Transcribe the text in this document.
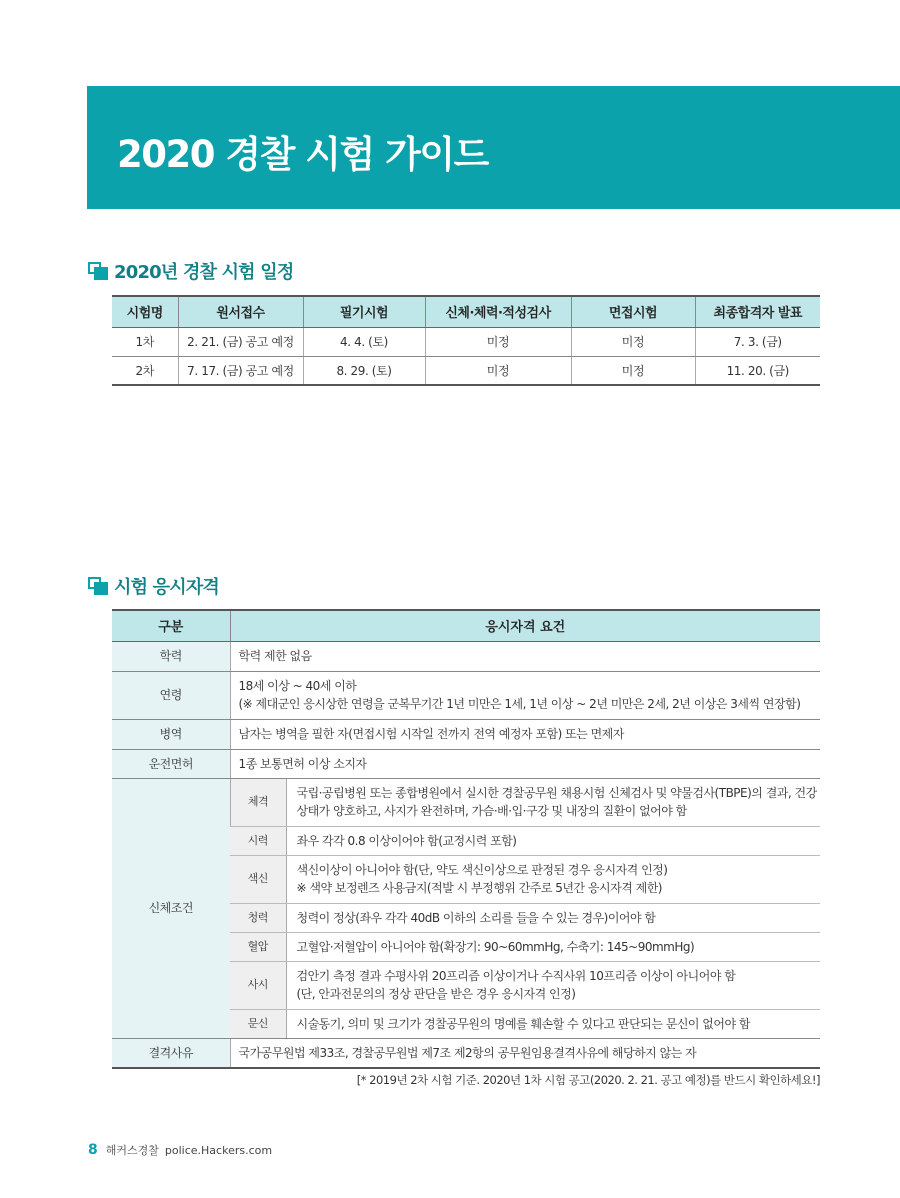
2020 경찰 시험 가이드
2020년 경찰 시험 일정
시험명	원서접수	필기시험	신체·체력·적성검사	면접시험	최종합격자 발표
1차	2. 21. (금) 공고 예정	4. 4. (토)	미정	미정	7. 3. (금)
2차	7. 17. (금) 공고 예정	8. 29. (토)	미정	미정	11. 20. (금)
시험 응시자격
구분	응시자격 요건	
학력	학력 제한 없음	
연령	18세 이상 ~ 40세 이하
(※ 제대군인 응시상한 연령을 군복무기간 1년 미만은 1세, 1년 이상 ~ 2년 미만은 2세, 2년 이상은 3세씩 연장함)	

병역	남자는 병역을 필한 자(면접시험 시작일 전까지 전역 예정자 포함) 또는 면제자	
운전면허	1종 보통면허 이상 소지자	
신체조건	체격	국립·공립병원 또는 종합병원에서 실시한 경찰공무원 채용시험 신체검사 및 약물검사(TBPE)의 결과, 건강
상태가 양호하고, 사지가 완전하며, 가슴·배·입·구강 및 내장의 질환이 없어야 함

	시력	좌우 각각 0.8 이상이어야 함(교정시력 포함)
	색신	색신이상이 아니어야 함(단, 약도 색신이상으로 판정된 경우 응시자격 인정)
※ 색약 보정렌즈 사용금지(적발 시 부정행위 간주로 5년간 응시자격 제한)

	청력	청력이 정상(좌우 각각 40dB 이하의 소리를 들을 수 있는 경우)이어야 함
	혈압	고혈압·저혈압이 아니어야 함(확장기: 90~60mmHg, 수축기: 145~90mmHg)
	사시	검안기 측정 결과 수평사위 20프리즘 이상이거나 수직사위 10프리즘 이상이 아니어야 함
(단, 안과전문의의 정상 판단을 받은 경우 응시자격 인정)

	문신	시술동기, 의미 및 크기가 경찰공무원의 명예를 훼손할 수 있다고 판단되는 문신이 없어야 함
결격사유	국가공무원법 제33조, 경찰공무원법 제7조 제2항의 공무원임용결격사유에 해당하지 않는 자	
[* 2019년 2차 시험 기준. 2020년 1차 시험 공고(2020. 2. 21. 공고 예정)를 반드시 확인하세요!]
8 해커스경찰 police.Hackers.com
